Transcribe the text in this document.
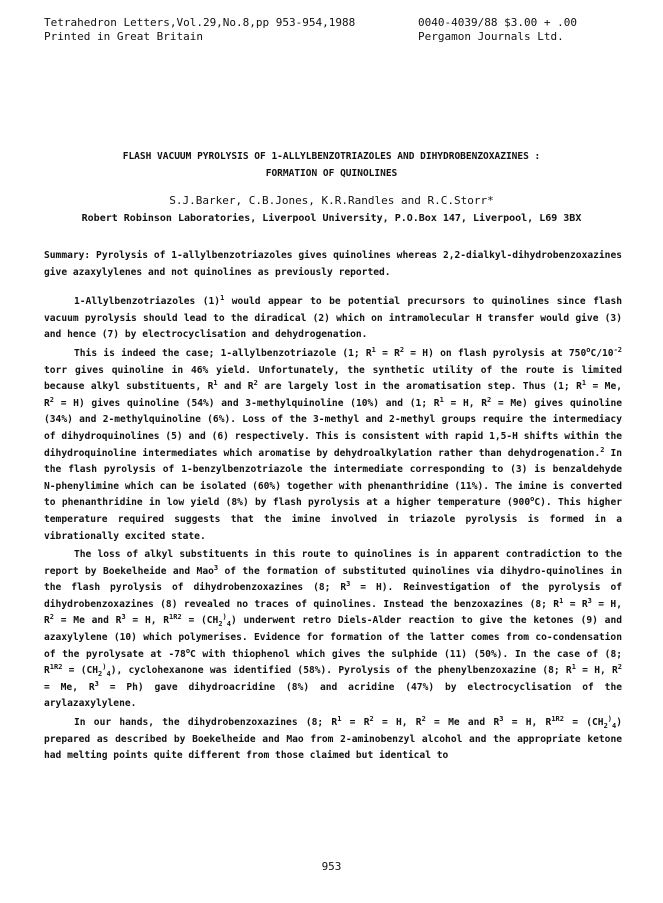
Tetrahedron Letters,Vol.29,No.8,pp 953-954,1988
Printed in Great Britain
0040-4039/88 $3.00 + .00
Pergamon Journals Ltd.
FLASH VACUUM PYROLYSIS OF 1-ALLYLBENZOTRIAZOLES AND DIHYDROBENZOXAZINES :
FORMATION OF QUINOLINES
S.J.Barker, C.B.Jones, K.R.Randles and R.C.Storr*
Robert Robinson Laboratories, Liverpool University, P.O.Box 147, Liverpool, L69 3BX

Summary: Pyrolysis of 1-allylbenzotriazoles gives quinolines whereas 2,2-dialkyl-dihydrobenzoxazines give azaxylylenes and not quinolines as previously reported.

1-Allylbenzotriazoles $(1)^1$ would appear to be potential precursors to quinolines since flash vacuum pyrolysis should lead to the diradical (2) which on intramolecular H transfer would give (3) and hence (7) by electrocyclisation and dehydrogenation.

This is indeed the case; 1-allylbenzotriazole (1; $R^1 = R^2 = H$) on flash pyrolysis at $750^oC/10^{-2}$ torr gives quinoline in 46% yield. Unfortunately, the synthetic utility of the route is limited because alkyl substituents, $R^1$ and $R^2$ are largely lost in the aromatisation step. Thus (1; $R^1 = Me$, $R^2 = H$) gives quinoline (54%) and 3-methylquinoline (10%) and (1; $R^1 = H$, $R^2 = Me$) gives quinoline (34%) and 2-methylquinoline (6%). Loss of the 3-methyl and 2-methyl groups require the intermediacy of dihydroquinolines (5) and (6) respectively. This is consistent with rapid 1,5-H shifts within the dihydroquinoline intermediates which aromatise by dehydroalkylation rather than dehydrogenation.$^2$ In the flash pyrolysis of 1-benzylbenzotriazole the intermediate corresponding to (3) is benzaldehyde N-phenylimine which can be isolated (60%) together with phenanthridine (11%). The imine is converted to phenanthridine in low yield (8%) by flash pyrolysis at a higher temperature (900$^o$C). This higher temperature required suggests that the imine involved in triazole pyrolysis is formed in a vibrationally excited state.

The loss of alkyl substituents in this route to quinolines is in apparent contradiction to the report by Boekelheide and Mao$^3$ of the formation of substituted quinolines via dihydro-quinolines in the flash pyrolysis of dihydrobenzoxazines (8; $R^3 = H$). Reinvestigation of the pyrolysis of dihydrobenzoxazines (8) revealed no traces of quinolines. Instead the benzoxazines (8; $R^1 = R^3 = H$, $R^2 = Me$ and $R^3 = H$, $R^{1R2} = (CH_2^)_4)$ underwent retro Diels-Alder reaction to give the ketones (9) and azaxylylene (10) which polymerises. Evidence for formation of the latter comes from co-condensation of the pyrolysate at -78$^o$C with thiophenol which gives the sulphide (11) (50%). In the case of (8; $R^{1R2} = (CH_2^)_4)$, cyclohexanone was identified (58%). Pyrolysis of the phenylbenzoxazine (8; $R^1 = H$, $R^2 = Me$, $R^3 = Ph$) gave dihydroacridine (8%) and acridine (47%) by electrocyclisation of the arylazaxylylene.

In our hands, the dihydrobenzoxazines (8; $R^1 = R^2 = H$, $R^2 = Me$ and $R^3 = H$, $R^{1R2} = (CH_2^)_4)$ prepared as described by Boekelheide and Mao from 2-aminobenzyl alcohol and the appropriate ketone had melting points quite different from those claimed but identical to

953
